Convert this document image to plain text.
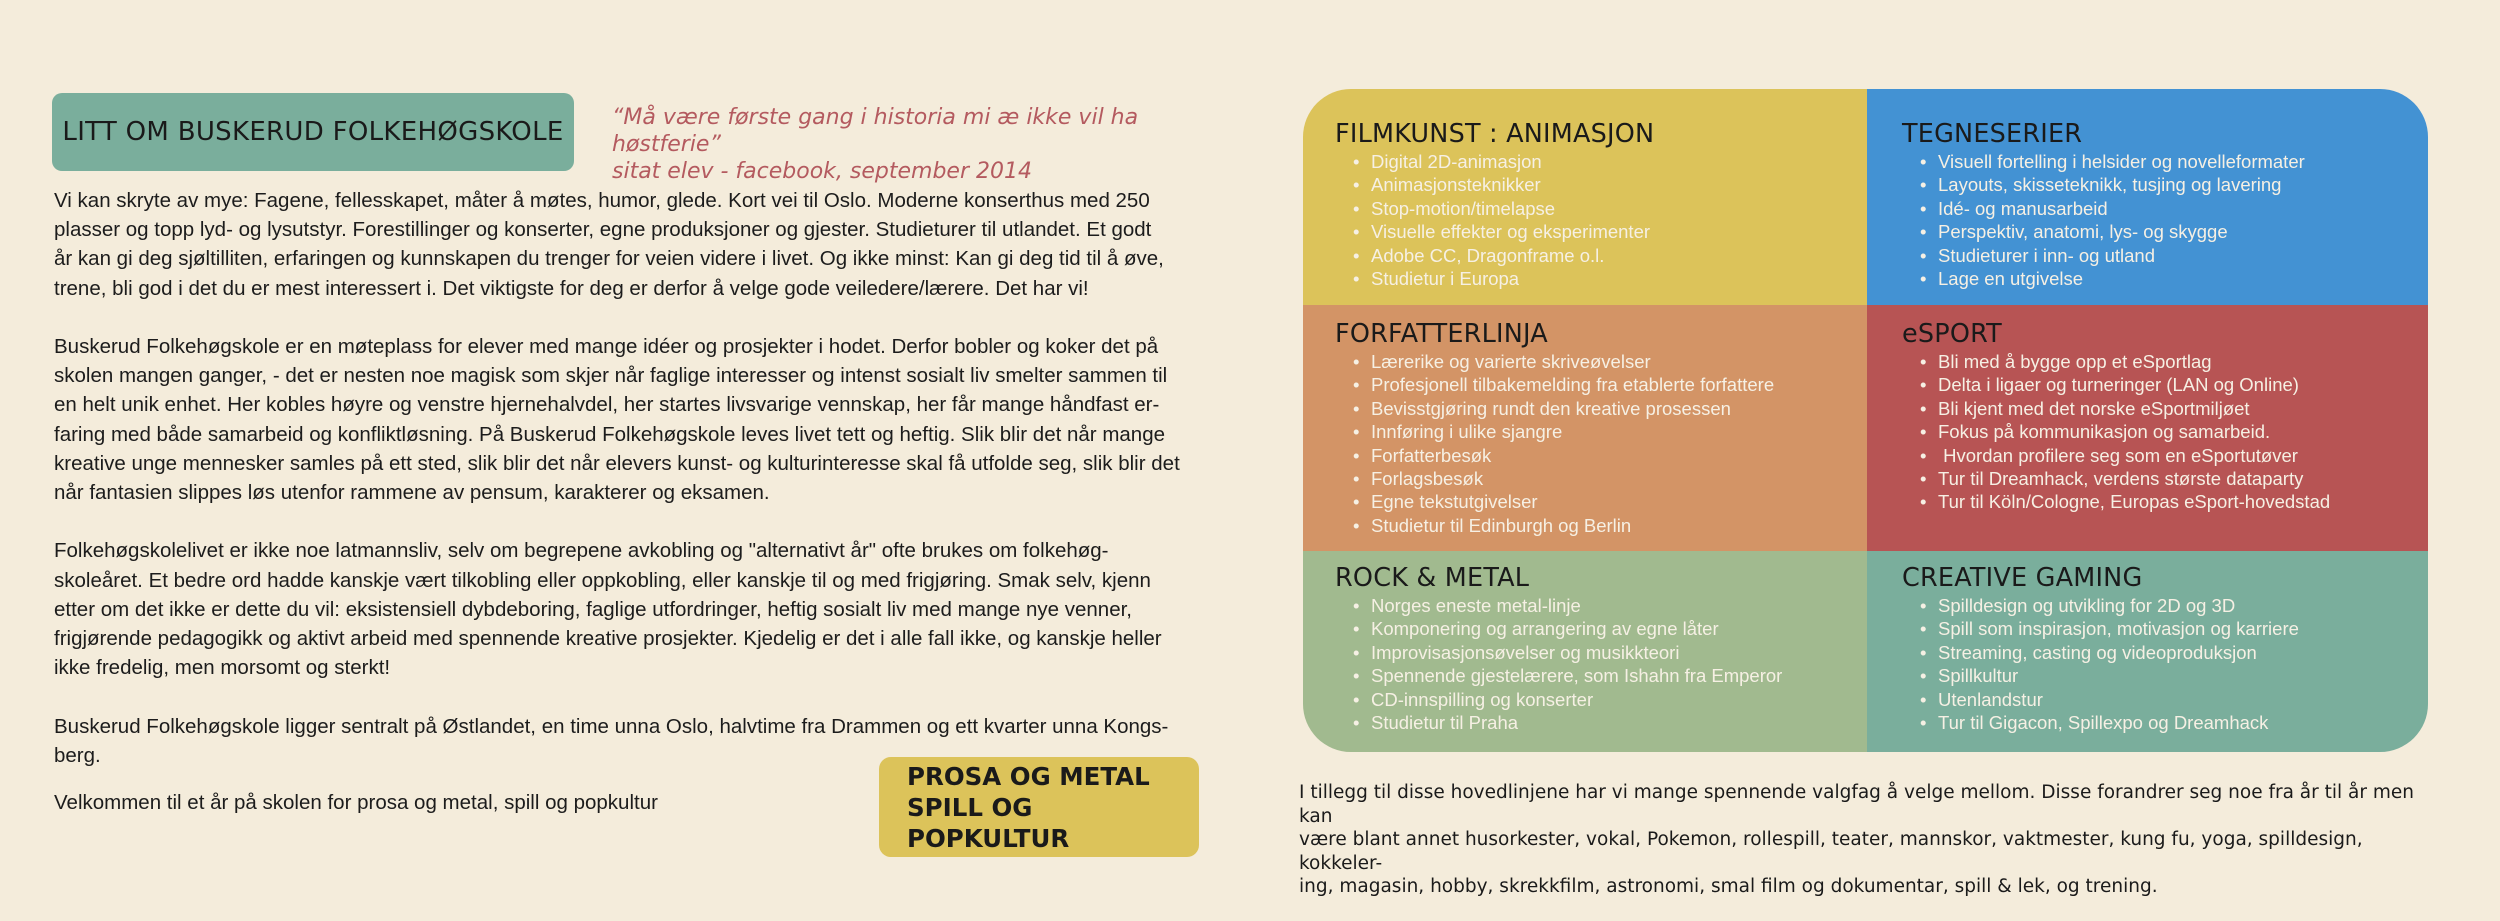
LITT OM BUSKERUD FOLKEHØGSKOLE “Må være første gang i historia mi æ ikke vil ha høstferie”
sitat elev - facebook, september 2014

Vi kan skryte av mye: Fagene, fellesskapet, måter å møtes, humor, glede. Kort vei til Oslo. Moderne konserthus med 250
plasser og topp lyd- og lysutstyr. Forestillinger og konserter, egne produksjoner og gjester. Studieturer til utlandet. Et godt
år kan gi deg sjøltilliten, erfaringen og kunnskapen du trenger for veien videre i livet. Og ikke minst: Kan gi deg tid til å øve,
trene, bli god i det du er mest interessert i. Det viktigste for deg er derfor å velge gode veiledere/lærere. Det har vi!

Buskerud Folkehøgskole er en møteplass for elever med mange idéer og prosjekter i hodet. Derfor bobler og koker det på
skolen mangen ganger, - det er nesten noe magisk som skjer når faglige interesser og intenst sosialt liv smelter sammen til
en helt unik enhet. Her kobles høyre og venstre hjernehalvdel, her startes livsvarige vennskap, her får mange håndfast er-
faring med både samarbeid og konfliktløsning. På Buskerud Folkehøgskole leves livet tett og heftig. Slik blir det når mange
kreative unge mennesker samles på ett sted, slik blir det når elevers kunst- og kulturinteresse skal få utfolde seg, slik blir det
når fantasien slippes løs utenfor rammene av pensum, karakterer og eksamen.

Folkehøgskolelivet er ikke noe latmannsliv, selv om begrepene avkobling og "alternativt år" ofte brukes om folkehøg-
skoleåret. Et bedre ord hadde kanskje vært tilkobling eller oppkobling, eller kanskje til og med frigjøring. Smak selv, kjenn
etter om det ikke er dette du vil: eksistensiell dybdeboring, faglige utfordringer, heftig sosialt liv med mange nye venner,
frigjørende pedagogikk og aktivt arbeid med spennende kreative prosjekter. Kjedelig er det i alle fall ikke, og kanskje heller
ikke fredelig, men morsomt og sterkt!

Buskerud Folkehøgskole ligger sentralt på Østlandet, en time unna Oslo, halvtime fra Drammen og ett kvarter unna Kongs-
berg.

Velkommen til et år på skolen for prosa og metal, spill og popkultur
PROSA OG METAL
SPILL OG POPKULTUR
FILMKUNST : ANIMASJON
• Digital 2D-animasjon
• Animasjonsteknikker
• Stop-motion/timelapse
• Visuelle effekter og eksperimenter
• Adobe CC, Dragonframe o.l.
• Studietur i Europa
TEGNESERIER
• Visuell fortelling i helsider og novelleformater
• Layouts, skisseteknikk, tusjing og lavering
• Idé- og manusarbeid
• Perspektiv, anatomi, lys- og skygge
• Studieturer i inn- og utland
• Lage en utgivelse
FORFATTERLINJA
• Lærerike og varierte skriveøvelser
• Profesjonell tilbakemelding fra etablerte forfattere
• Bevisstgjøring rundt den kreative prosessen
• Innføring i ulike sjangre
• Forfatterbesøk
• Forlagsbesøk
• Egne tekstutgivelser
• Studietur til Edinburgh og Berlin
eSPORT
• Bli med å bygge opp et eSportlag
• Delta i ligaer og turneringer (LAN og Online)
• Bli kjent med det norske eSportmiljøet
• Fokus på kommunikasjon og samarbeid.
•  Hvordan profilere seg som en eSportutøver
• Tur til Dreamhack, verdens største dataparty
• Tur til Köln/Cologne, Europas eSport-hovedstad
ROCK & METAL
• Norges eneste metal-linje
• Komponering og arrangering av egne låter
• Improvisasjonsøvelser og musikkteori
• Spennende gjestelærere, som Ishahn fra Emperor
• CD-innspilling og konserter
• Studietur til Praha
CREATIVE GAMING
• Spilldesign og utvikling for 2D og 3D
• Spill som inspirasjon, motivasjon og karriere
• Streaming, casting og videoproduksjon
• Spillkultur
• Utenlandstur
• Tur til Gigacon, Spillexpo og Dreamhack
I tillegg til disse hovedlinjene har vi mange spennende valgfag å velge mellom. Disse forandrer seg noe fra år til år men kan
være blant annet husorkester, vokal, Pokemon, rollespill, teater, mannskor, vaktmester, kung fu, yoga, spilldesign, kokkeler-
ing, magasin, hobby, skrekkfilm, astronomi, smal film og dokumentar, spill & lek, og trening.
